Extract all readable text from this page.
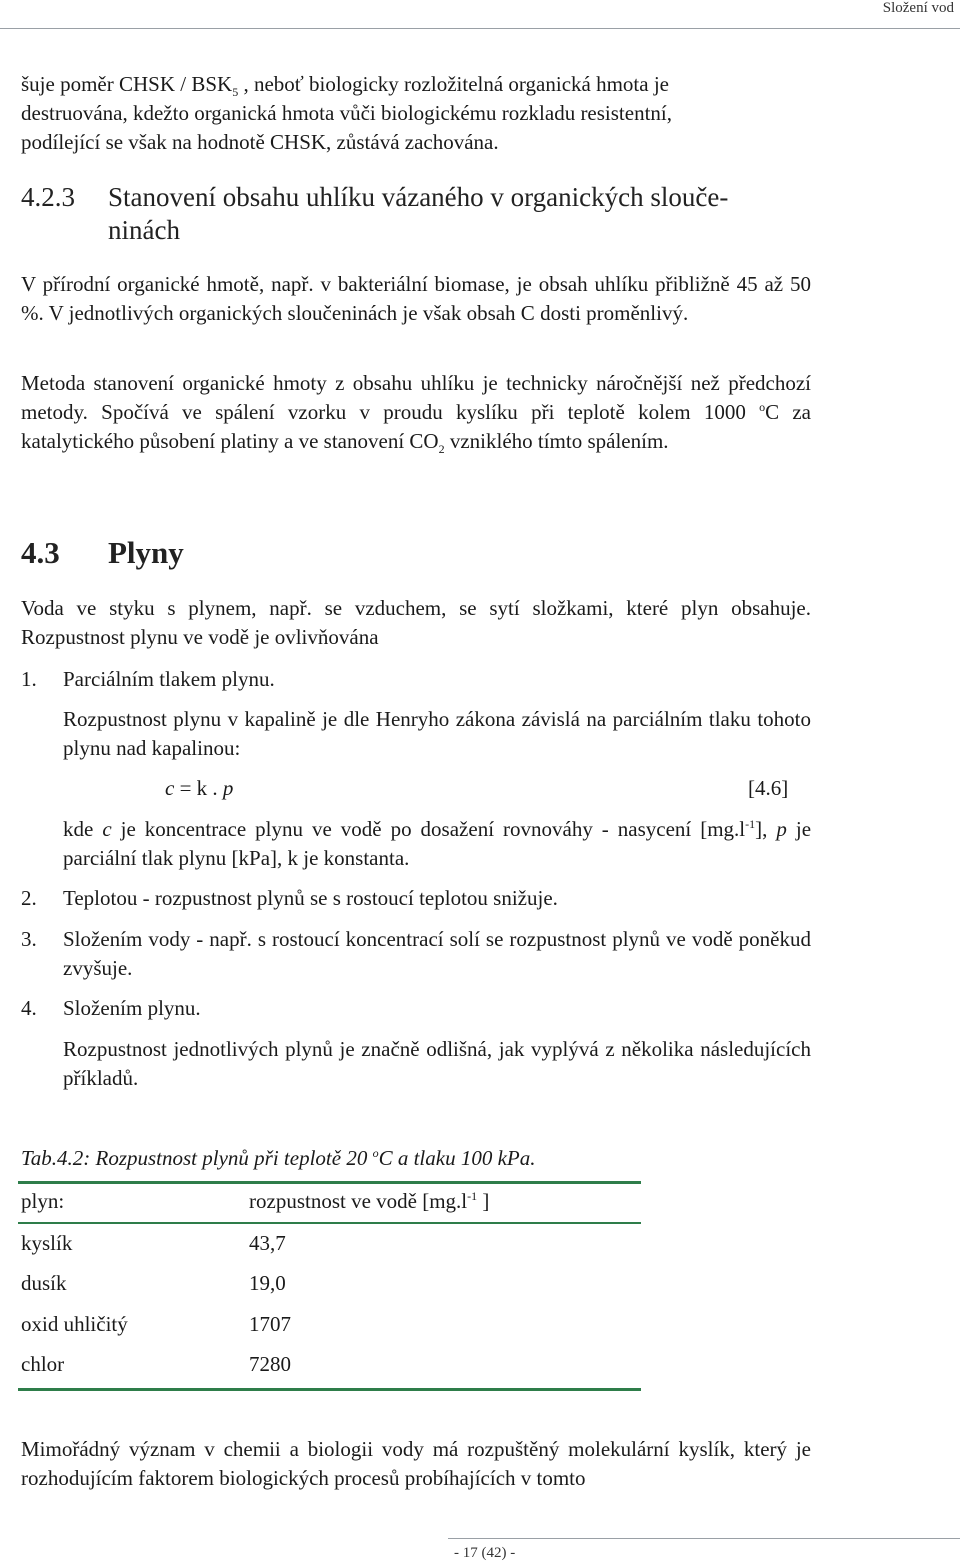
Složení vod

šuje poměr CHSK / $BSK_5$ , neboť biologicky rozložitelná organická hmota je

destruována, kdežto organická hmota vůči biologickému rozkladu resistentní,

podílející se však na hodnotě CHSK, zůstává zachována.

4.2.3 Stanovení obsahu uhlíku vázaného v organických slouče-
ninách

V přírodní organické hmotě, např. v bakteriální biomase, je obsah uhlíku přibližně 45 až 50 %. V jednotlivých organických sloučeninách je však obsah C dosti proměnlivý.

Metoda stanovení organické hmoty z obsahu uhlíku je technicky náročnější než předchozí metody. Spočívá ve spálení vzorku v proudu kyslíku při teplotě kolem 1000 $^o$C za katalytického působení platiny a ve stanovení $CO_2$ vzniklého tímto spálením.

4.3 Plyny

Voda ve styku s plynem, např. se vzduchem, se sytí složkami, které plyn obsahuje. Rozpustnost plynu ve vodě je ovlivňována

1. Parciálním tlakem plynu.

Rozpustnost plynu v kapalině je dle Henryho zákona závislá na parciálním tlaku tohoto plynu nad kapalinou:

c = k . p	[4.6]

kde c je koncentrace plynu ve vodě po dosažení rovnováhy - nasycení $[mg.l^{-1}]$, p je parciální tlak plynu [kPa], k je konstanta.

2. Teplotou - rozpustnost plynů se s rostoucí teplotou snižuje.
3. Složením vody - např. s rostoucí koncentrací solí se rozpustnost plynů ve vodě poněkud zvyšuje.

4. Složením plynu.

Rozpustnost jednotlivých plynů je značně odlišná, jak vyplývá z několika následujících příkladů.

Tab.4.2: Rozpustnost plynů při teplotě 20 $^o$C a tlaku 100 kPa.
plyn:	rozpustnost ve vodě [$mg.l^{-1}$ ]
kyslík	43,7
dusík	19,0
oxid uhličitý	1707
chlor	7280

Mimořádný význam v chemii a biologii vody má rozpuštěný molekulární kyslík, který je rozhodujícím faktorem biologických procesů probíhajících v tomto

- 17 (42) -
